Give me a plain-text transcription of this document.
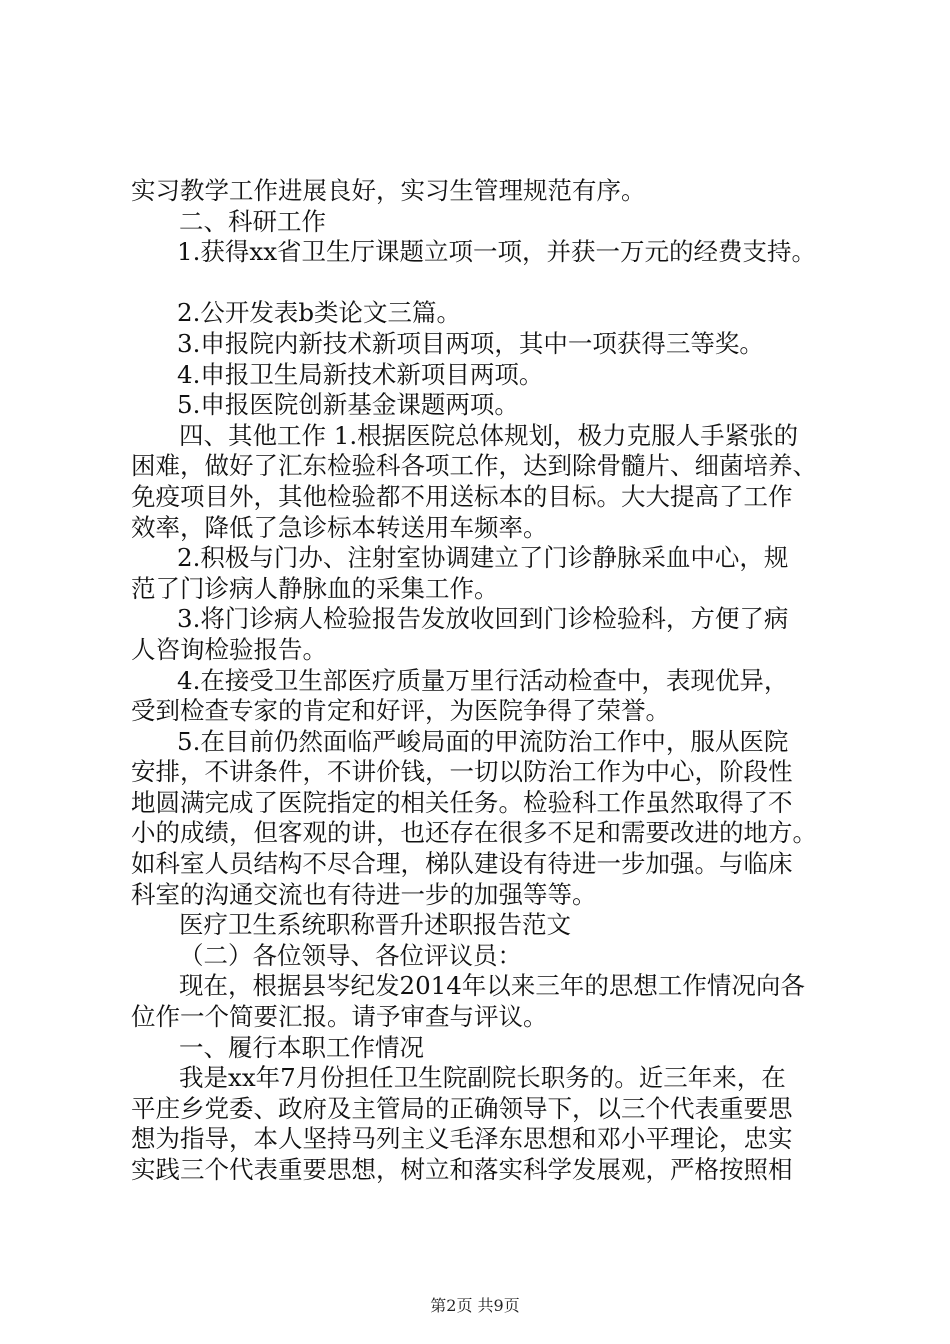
实习教学工作进展良好，实习生管理规范有序。
二、科研工作
1.获得xx省卫生厅课题立项一项，并获一万元的经费支持。
2.公开发表b类论文三篇。
3.申报院内新技术新项目两项，其中一项获得三等奖。
4.申报卫生局新技术新项目两项。
5.申报医院创新基金课题两项。
四、其他工作 1.根据医院总体规划，极力克服人手紧张的
困难，做好了汇东检验科各项工作，达到除骨髓片、细菌培养、
免疫项目外，其他检验都不用送标本的目标。大大提高了工作
效率，降低了急诊标本转送用车频率。
2.积极与门办、注射室协调建立了门诊静脉采血中心，规
范了门诊病人静脉血的采集工作。
3.将门诊病人检验报告发放收回到门诊检验科，方便了病
人咨询检验报告。
4.在接受卫生部医疗质量万里行活动检查中，表现优异，
受到检查专家的肯定和好评，为医院争得了荣誉。
5.在目前仍然面临严峻局面的甲流防治工作中，服从医院
安排，不讲条件，不讲价钱，一切以防治工作为中心，阶段性
地圆满完成了医院指定的相关任务。检验科工作虽然取得了不
小的成绩，但客观的讲，也还存在很多不足和需要改进的地方。
如科室人员结构不尽合理，梯队建设有待进一步加强。与临床
科室的沟通交流也有待进一步的加强等等。
医疗卫生系统职称晋升述职报告范文
（二）各位领导、各位评议员：
现在，根据县岑纪发2014年以来三年的思想工作情况向各
位作一个简要汇报。请予审查与评议。
一、履行本职工作情况
我是xx年7月份担任卫生院副院长职务的。近三年来，在
平庄乡党委、政府及主管局的正确领导下，以三个代表重要思
想为指导，本人坚持马列主义毛泽东思想和邓小平理论，忠实
实践三个代表重要思想，树立和落实科学发展观，严格按照相
第2页 共9页
